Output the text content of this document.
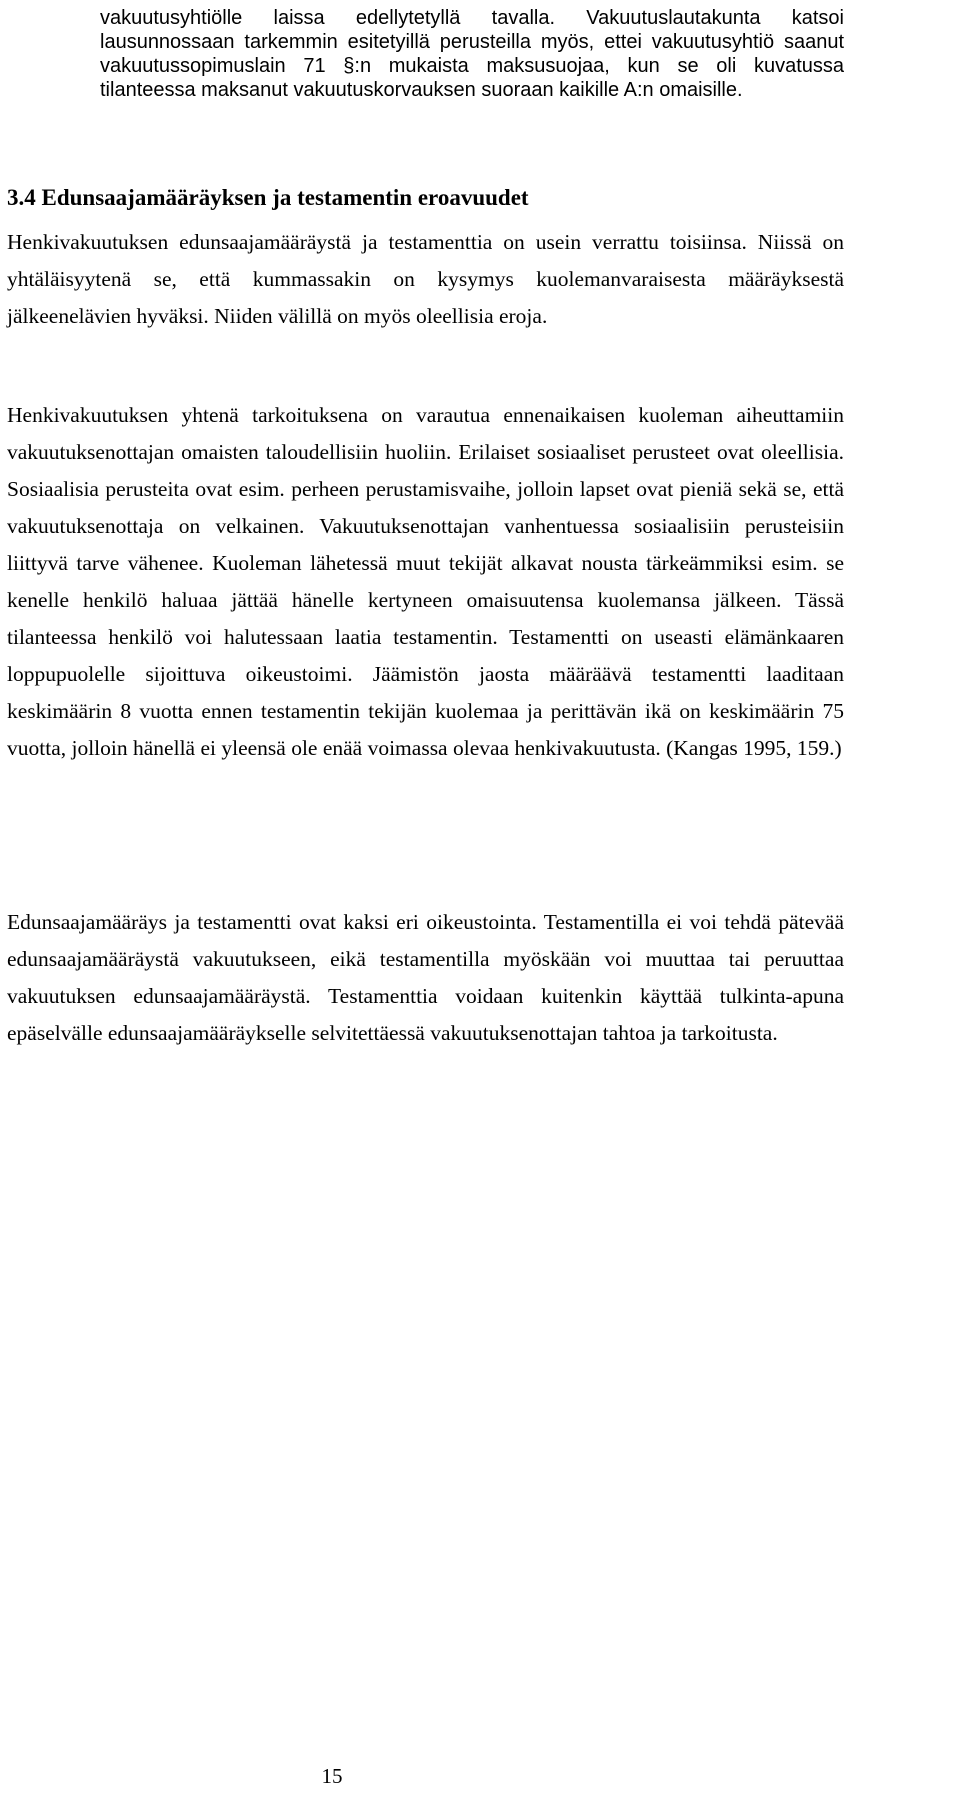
vakuutusyhtiölle laissa edellytetyllä tavalla. Vakuutuslautakunta katsoi lausunnossaan tarkemmin esitetyillä perusteilla myös, ettei vakuutusyhtiö saanut vakuutussopimuslain 71 §:n mukaista maksusuojaa, kun se oli kuvatussa tilanteessa maksanut vakuutuskorvauksen suoraan kaikille A:n omaisille.

3.4 Edunsaajamääräyksen ja testamentin eroavuudet

Henkivakuutuksen edunsaajamääräystä ja testamenttia on usein verrattu toisiinsa. Niissä on yhtäläisyytenä se, että kummassakin on kysymys kuolemanvaraisesta määräyksestä jälkeenelävien hyväksi. Niiden välillä on myös oleellisia eroja.

Henkivakuutuksen yhtenä tarkoituksena on varautua ennenaikaisen kuoleman aiheuttamiin vakuutuksenottajan omaisten taloudellisiin huoliin. Erilaiset sosiaaliset perusteet ovat oleellisia. Sosiaalisia perusteita ovat esim. perheen perustamisvaihe, jolloin lapset ovat pieniä sekä se, että vakuutuksenottaja on velkainen. Vakuutuksenottajan vanhentuessa sosiaalisiin perusteisiin liittyvä tarve vähenee. Kuoleman lähetessä muut tekijät alkavat nousta tärkeämmiksi esim. se kenelle henkilö haluaa jättää hänelle kertyneen omaisuutensa kuolemansa jälkeen. Tässä tilanteessa henkilö voi halutessaan laatia testamentin. Testamentti on useasti elämänkaaren loppupuolelle sijoittuva oikeustoimi. Jäämistön jaosta määräävä testamentti laaditaan keskimäärin 8 vuotta ennen testamentin tekijän kuolemaa ja perittävän ikä on keskimäärin 75 vuotta, jolloin hänellä ei yleensä ole enää voimassa olevaa henkivakuutusta. (Kangas 1995, 159.)

Edunsaajamääräys ja testamentti ovat kaksi eri oikeustointa. Testamentilla ei voi tehdä pätevää edunsaajamääräystä vakuutukseen, eikä testamentilla myöskään voi muuttaa tai peruuttaa vakuutuksen edunsaajamääräystä. Testamenttia voidaan kuitenkin käyttää tulkinta-apuna epäselvälle edunsaajamääräykselle selvitettäessä vakuutuksenottajan tahtoa ja tarkoitusta.

15
